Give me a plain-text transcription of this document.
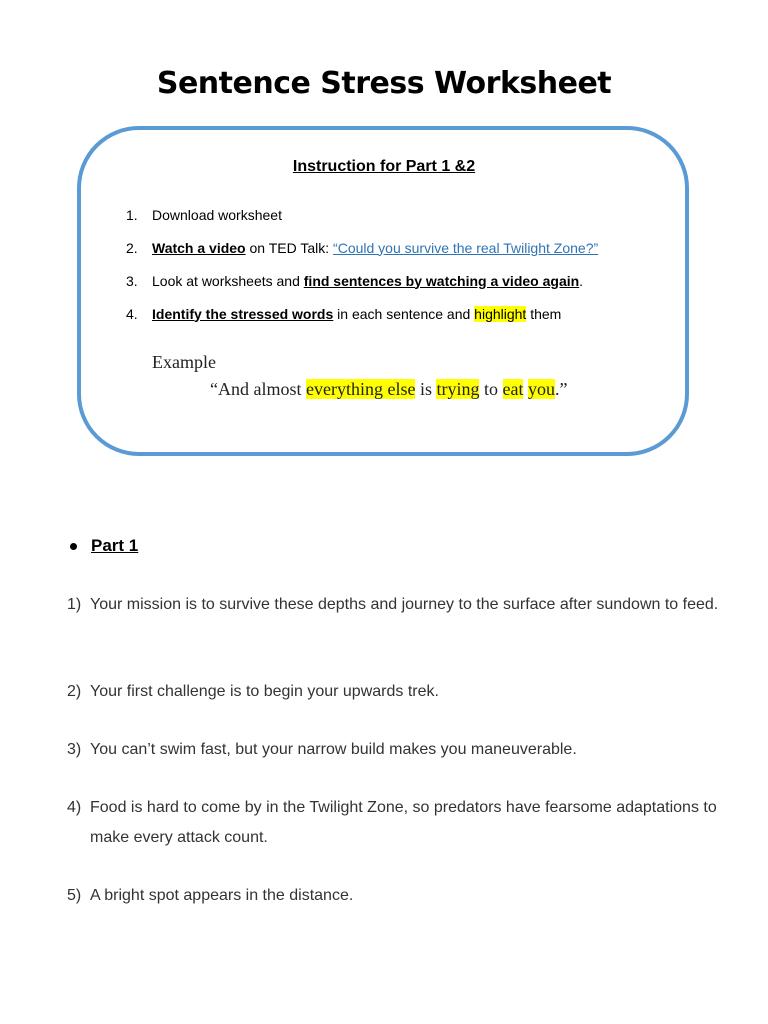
Sentence Stress Worksheet
Instruction for Part 1 &2
1.	Download worksheet
2.	Watch a video on TED Talk: “Could you survive the real Twilight Zone?”
3.	Look at worksheets and find sentences by watching a video again .
4.	Identify the stressed words in each sentence and highlight them
Example
“And almost everything else is trying to eat you.”
Part 1
1) Your mission is to survive these depths and journey to the surface after sundown to feed.
2) Your first challenge is to begin your upwards trek.
3) You can’t swim fast, but your narrow build makes you maneuverable.
4) Food is hard to come by in the Twilight Zone, so predators have fearsome adaptations to make every attack count.
5) A bright spot appears in the distance.
